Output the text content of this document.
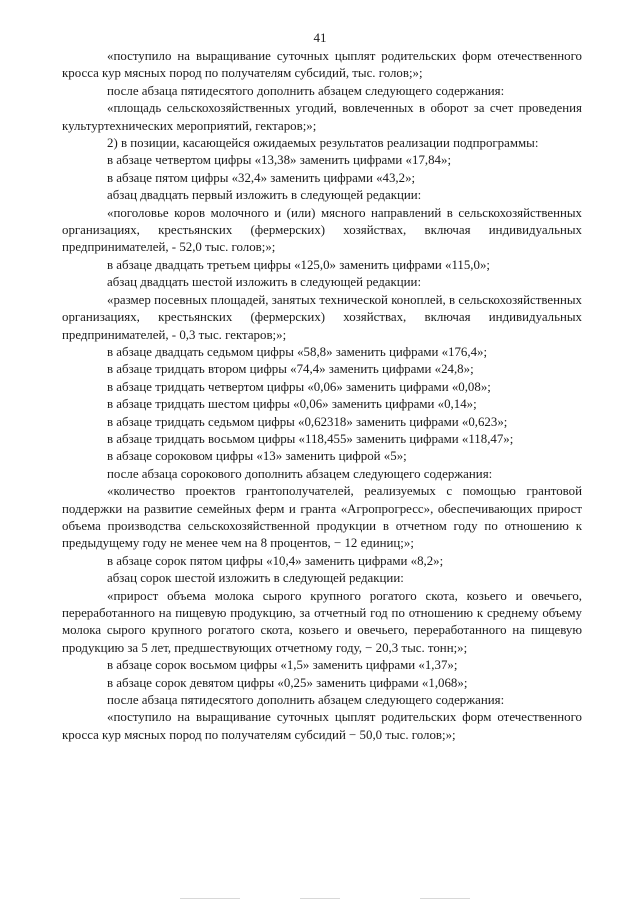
41

«поступило на выращивание суточных цыплят родительских форм отечественного кросса кур мясных пород по получателям субсидий, тыс. голов;»;

после абзаца пятидесятого дополнить абзацем следующего содержания:

«площадь сельскохозяйственных угодий, вовлеченных в оборот за счет проведения культуртехнических мероприятий, гектаров;»;

2) в позиции, касающейся ожидаемых результатов реализации подпрограммы:

в абзаце четвертом цифры «13,38» заменить цифрами «17,84»;

в абзаце пятом цифры «32,4» заменить цифрами «43,2»;

абзац двадцать первый изложить в следующей редакции:

«поголовье коров молочного и (или) мясного направлений в сельскохозяйственных организациях, крестьянских (фермерских) хозяйствах, включая индивидуальных предпринимателей, - 52,0 тыс. голов;»;

в абзаце двадцать третьем цифры «125,0» заменить цифрами «115,0»;

абзац двадцать шестой изложить в следующей редакции:

«размер посевных площадей, занятых технической коноплей, в сельскохозяйственных организациях, крестьянских (фермерских) хозяйствах, включая индивидуальных предпринимателей, - 0,3 тыс. гектаров;»;

в абзаце двадцать седьмом цифры «58,8» заменить цифрами «176,4»;

в абзаце тридцать втором цифры «74,4» заменить цифрами «24,8»;

в абзаце тридцать четвертом цифры «0,06» заменить цифрами «0,08»;

в абзаце тридцать шестом цифры «0,06» заменить цифрами «0,14»;

в абзаце тридцать седьмом цифры «0,62318» заменить цифрами «0,623»;

в абзаце тридцать восьмом цифры «118,455» заменить цифрами «118,47»;

в абзаце сороковом цифры «13» заменить цифрой «5»;

после абзаца сорокового дополнить абзацем следующего содержания:

«количество проектов грантополучателей, реализуемых с помощью грантовой поддержки на развитие семейных ферм и гранта «Агропрогресс», обеспечивающих прирост объема производства сельскохозяйственной продукции в отчетном году по отношению к предыдущему году не менее чем на 8 процентов, − 12 единиц;»;

в абзаце сорок пятом цифры «10,4» заменить цифрами «8,2»;

абзац сорок шестой изложить в следующей редакции:

«прирост объема молока сырого крупного рогатого скота, козьего и овечьего, переработанного на пищевую продукцию, за отчетный год по отношению к среднему объему молока сырого крупного рогатого скота, козьего и овечьего, переработанного на пищевую продукцию за 5 лет, предшествующих отчетному году, − 20,3 тыс. тонн;»;

в абзаце сорок восьмом цифры «1,5» заменить цифрами «1,37»;

в абзаце сорок девятом цифры «0,25» заменить цифрами «1,068»;

после абзаца пятидесятого дополнить абзацем следующего содержания:

«поступило на выращивание суточных цыплят родительских форм отечественного кросса кур мясных пород по получателям субсидий − 50,0 тыс. голов;»;
